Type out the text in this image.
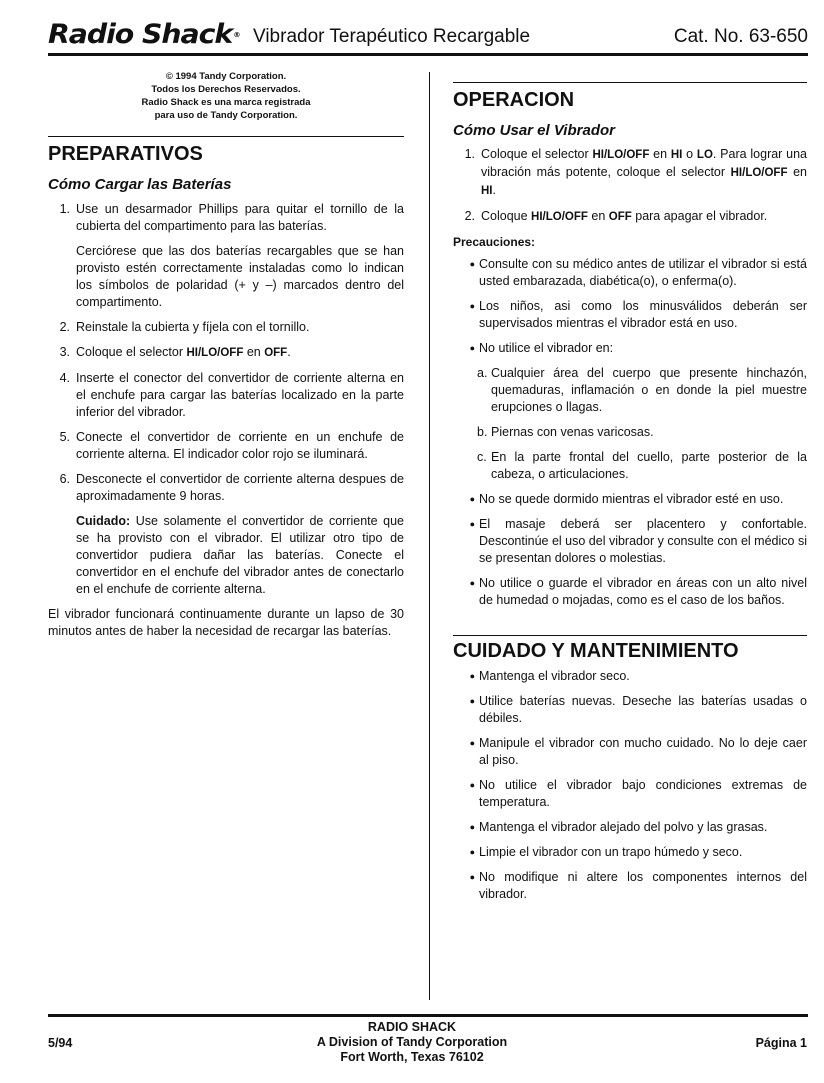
Radio Shack® Vibrador Terapéutico Recargable	Cat. No. 63-650
© 1994 Tandy Corporation.
Todos los Derechos Reservados.
Radio Shack es una marca registrada
para uso de Tandy Corporation.
PREPARATIVOS
Cómo Cargar las Baterías
1. Use un desarmador Phillips para quitar el tornillo de la cubierta del compartimento para las baterías.
Cerciórese que las dos baterías recargables que se han provisto estén correctamente instaladas como lo indican los símbolos de polaridad (+ y –) marcados dentro del compartimento.
2. Reinstale la cubierta y fíjela con el tornillo.
3. Coloque el selector HI/LO/OFF en OFF.
4. Inserte el conector del convertidor de corriente alterna en el enchufe para cargar las baterías localizado en la parte inferior del vibrador.
5. Conecte el convertidor de corriente en un enchufe de corriente alterna. El indicador color rojo se iluminará.
6. Desconecte el convertidor de corriente alterna despues de aproximadamente 9 horas.
Cuidado: Use solamente el convertidor de corriente que se ha provisto con el vibrador. El utilizar otro tipo de convertidor pudiera dañar las baterías. Conecte el convertidor en el enchufe del vibrador antes de conectarlo en el enchufe de corriente alterna.
El vibrador funcionará continuamente durante un lapso de 30 minutos antes de haber la necesidad de recargar las baterías.
OPERACION
Cómo Usar el Vibrador
1. Coloque el selector HI/LO/OFF en HI o LO. Para lograr una vibración más potente, coloque el selector HI/LO/OFF en HI.
2. Coloque HI/LO/OFF en OFF para apagar el vibrador.
Precauciones:
● Consulte con su médico antes de utilizar el vibrador si está usted embarazada, diabética(o), o enferma(o).
● Los niños, asi como los minusválidos deberán ser supervisados mientras el vibrador está en uso.
● No utilice el vibrador en:
a. Cualquier área del cuerpo que presente hinchazón, quemaduras, inflamación o en donde la piel muestre erupciones o llagas.
b. Piernas con venas varicosas.
c. En la parte frontal del cuello, parte posterior de la cabeza, o articulaciones.
● No se quede dormido mientras el vibrador esté en uso.
● El masaje deberá ser placentero y confortable. Descontinúe el uso del vibrador y consulte con el médico si se presentan dolores o molestias.
● No utilice o guarde el vibrador en áreas con un alto nivel de humedad o mojadas, como es el caso de los baños.
CUIDADO Y MANTENIMIENTO
● Mantenga el vibrador seco.
● Utilice baterías nuevas. Deseche las baterías usadas o débiles.
● Manipule el vibrador con mucho cuidado. No lo deje caer al piso.
● No utilice el vibrador bajo condiciones extremas de temperatura.
● Mantenga el vibrador alejado del polvo y las grasas.
● Limpie el vibrador con un trapo húmedo y seco.
● No modifique ni altere los componentes internos del vibrador.
5/94
RADIO SHACK
A Division of Tandy Corporation
Fort Worth, Texas 76102
Página 1
